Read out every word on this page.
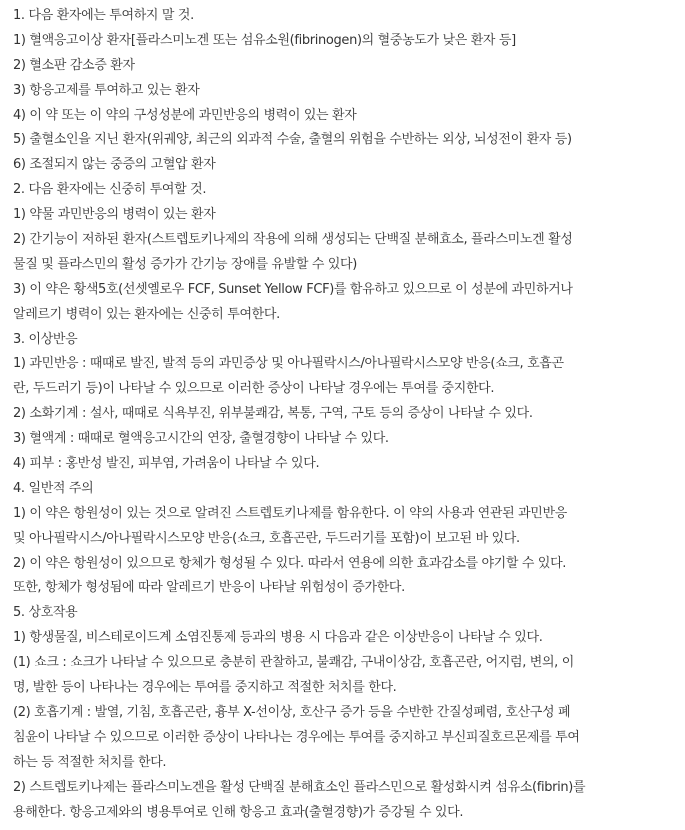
1. 다음 환자에는 투여하지 말 것.
1) 혈액응고이상 환자[플라스미노겐 또는 섬유소원(fibrinogen)의 혈중농도가 낮은 환자 등]
2) 혈소판 감소증 환자
3) 항응고제를 투여하고 있는 환자
4) 이 약 또는 이 약의 구성성분에 과민반응의 병력이 있는 환자
5) 출혈소인을 지닌 환자(위궤양, 최근의 외과적 수술, 출혈의 위험을 수반하는 외상, 뇌성전이 환자 등)
6) 조절되지 않는 중증의 고혈압 환자
2. 다음 환자에는 신중히 투여할 것.
1) 약물 과민반응의 병력이 있는 환자
2) 간기능이 저하된 환자(스트렙토키나제의 작용에 의해 생성되는 단백질 분해효소, 플라스미노겐 활성
물질 및 플라스민의 활성 증가가 간기능 장애를 유발할 수 있다)
3) 이 약은 황색5호(선셋옐로우 FCF, Sunset Yellow FCF)를 함유하고 있으므로 이 성분에 과민하거나
알레르기 병력이 있는 환자에는 신중히 투여한다.
3. 이상반응
1) 과민반응 : 때때로 발진, 발적 등의 과민증상 및 아나필락시스/아나필락시스모양 반응(쇼크, 호흡곤
란, 두드러기 등)이 나타날 수 있으므로 이러한 증상이 나타날 경우에는 투여를 중지한다.
2) 소화기계 : 설사, 때때로 식욕부진, 위부불쾌감, 복통, 구역, 구토 등의 증상이 나타날 수 있다.
3) 혈액계 : 때때로 혈액응고시간의 연장, 출혈경향이 나타날 수 있다.
4) 피부 : 홍반성 발진, 피부염, 가려움이 나타날 수 있다.
4. 일반적 주의
1) 이 약은 항원성이 있는 것으로 알려진 스트렙토키나제를 함유한다. 이 약의 사용과 연관된 과민반응
및 아나필락시스/아나필락시스모양 반응(쇼크, 호흡곤란, 두드러기를 포함)이 보고된 바 있다.
2) 이 약은 항원성이 있으므로 항체가 형성될 수 있다. 따라서 연용에 의한 효과감소를 야기할 수 있다.
또한, 항체가 형성됨에 따라 알레르기 반응이 나타날 위험성이 증가한다.
5. 상호작용
1) 항생물질, 비스테로이드계 소염진통제 등과의 병용 시 다음과 같은 이상반응이 나타날 수 있다.
(1) 쇼크 : 쇼크가 나타날 수 있으므로 충분히 관찰하고, 불쾌감, 구내이상감, 호흡곤란, 어지럼, 변의, 이
명, 발한 등이 나타나는 경우에는 투여를 중지하고 적절한 처치를 한다.
(2) 호흡기계 : 발열, 기침, 호흡곤란, 흉부 X-선이상, 호산구 증가 등을 수반한 간질성폐렴, 호산구성 폐
침윤이 나타날 수 있으므로 이러한 증상이 나타나는 경우에는 투여를 중지하고 부신피질호르몬제를 투여
하는 등 적절한 처치를 한다.
2) 스트렙토키나제는 플라스미노겐을 활성 단백질 분해효소인 플라스민으로 활성화시켜 섬유소(fibrin)를
용해한다. 항응고제와의 병용투여로 인해 항응고 효과(출혈경향)가 증강될 수 있다.
